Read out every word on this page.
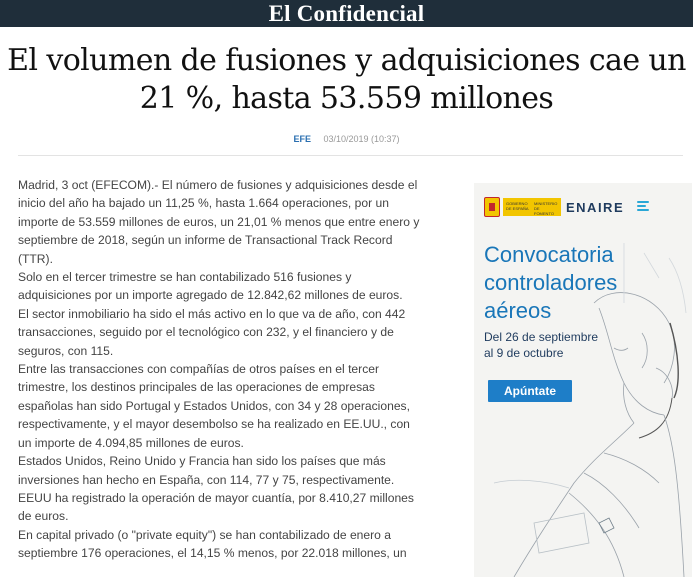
El Confidencial
El volumen de fusiones y adquisiciones cae un
21 %, hasta 53.559 millones
EFE 03/10/2019 (10:37)

Madrid, 3 oct (EFECOM).- El número de fusiones y adquisiciones desde el inicio del año ha bajado un 11,25 %, hasta 1.664 operaciones, por un importe de 53.559 millones de euros, un 21,01 % menos que entre enero y septiembre de 2018, según un informe de Transactional Track Record (TTR).

Solo en el tercer trimestre se han contabilizado 516 fusiones y adquisiciones por un importe agregado de 12.842,62 millones de euros.

El sector inmobiliario ha sido el más activo en lo que va de año, con 442 transacciones, seguido por el tecnológico con 232, y el financiero y de seguros, con 115.

Entre las transacciones con compañías de otros países en el tercer trimestre, los destinos principales de las operaciones de empresas españolas han sido Portugal y Estados Unidos, con 34 y 28 operaciones, respectivamente, y el mayor desembolso se ha realizado en EE.UU., con un importe de 4.094,85 millones de euros.

Estados Unidos, Reino Unido y Francia han sido los países que más inversiones han hecho en España, con 114, 77 y 75, respectivamente.

EEUU ha registrado la operación de mayor cuantía, por 8.410,27 millones de euros.

En capital privado (o "private equity") se han contabilizado de enero a septiembre 176 operaciones, el 14,15 % menos, por 22.018 millones, un

GOBIERNO DE ESPAÑA
MINISTERIO DE FOMENTO ENAIRE
Convocatoria
controladores
aéreos
Del 26 de septiembre
al 9 de octubre
Apúntate
